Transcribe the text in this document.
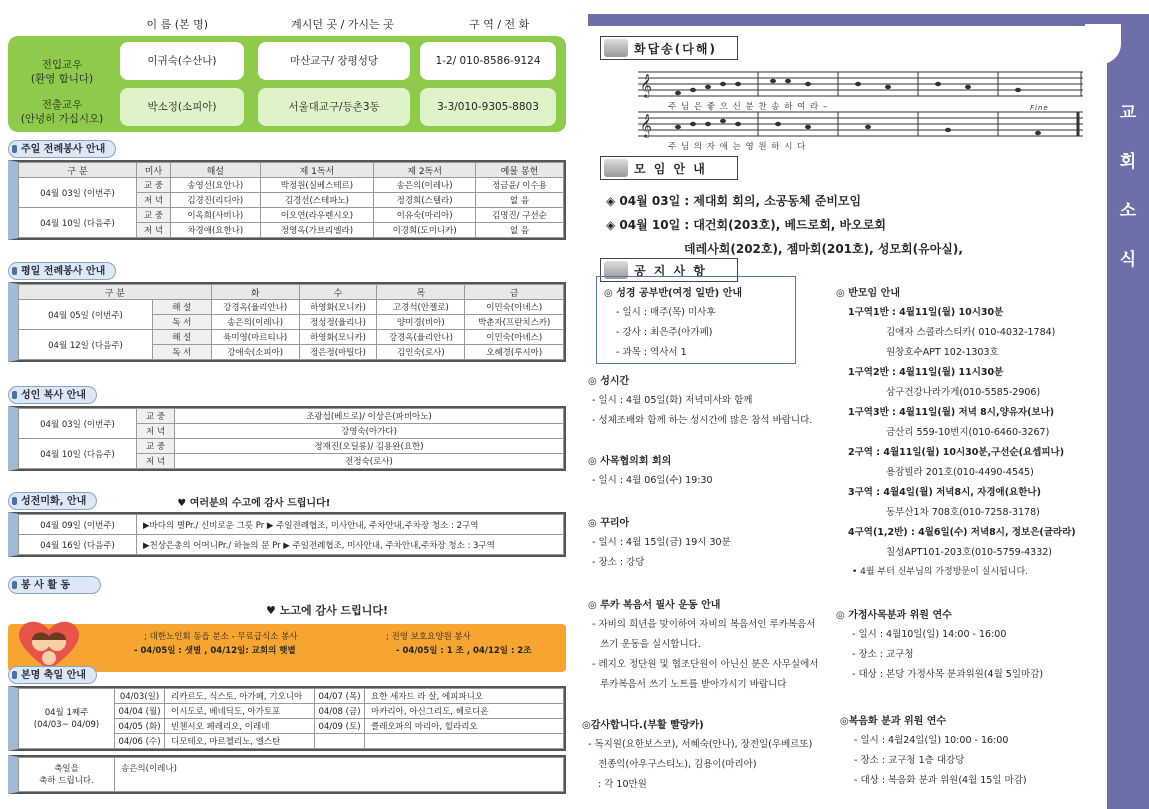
이 름 (본 명)	계시던 곳 / 가시는 곳	구 역 / 전 화
전입교우
(환영 합니다)
이귀숙(수산나)	마산교구/ 장평성당	1-2/ 010-8586-9124
전출교우
(안녕히 가십시오)
박소정(소피아)	서울대교구/등촌3동	3-3/010-9305-8803
주일 전례봉사 안내
구 분	미사	해설	제 1독서	제 2독서	예물 봉헌
04월 03일 (이번주)	교 중	송영선(요안나)	박정원(실베스테르)	송은의(이레나)	정금윤/ 이수용
	저 녁	김경진(리디아)	김경선(스테파노)	정경희(스텔라)	없 음
04월 10일 (다음주)	교 중	이옥희(사비나)	이오연(라우렌시오)	이유숙(마리아)	김명진/ 구선순
	저 녁	차경애(요한나)	정영옥(가브리엘라)	이경희(도미니카)	없 음
평일 전례봉사 안내
구 분		화	수	목	금
04월 05일 (이번주)	해 설	강경옥(율리안나)	하영화(모니카)	고경석(안젤로)	이민숙(아녜스)
	독 서	송은의(이레나)	정성정(율리나)	양미경(비아)	박춘자(프란치스카)
04월 12일 (다음주)	해 설	육미영(마르티나)	하영화(모니카)	강경옥(율리안나)	이민숙(아녜스)
	독 서	강애숙(소피아)	정은정(마틸다)	김인숙(로사)	오혜경(루시아)
성인 복사 안내
04월 03일 (이번주)	교 중	조광섭(베드로)/ 이상은(파비아노)
	저 녁	강영숙(아가다)
04월 10일 (다음주)	교 중	정재진(오딜롱)/ 김용완(요한)
	저 녁	전정숙(로사)
성전미화, 안내	♥ 여러분의 수고에 감사 드립니다!
04월 09일 (이번주)	▶바다의 별Pr./ 신비로운 그릇 Pr ▶ 주일전례협조, 미사안내, 주차안내,주차장 청소 : 2구역
04월 16일 (다음주)	▶천상은총의 어머니Pr./ 하늘의 문 Pr ▶ 주일전례협조, 미사안내, 주차안내,주차장 청소 : 3구역
봉 사 활 동
♥ 노고에 감사 드립니다!
; 대한노인회 동읍 분소 - 무료급식소 봉사
- 04/05일 : 샛별 , 04/12일: 교회의 햇볕
; 진영 보호요양원 봉사
- 04/05일 : 1 조 , 04/12일 : 2조
본명 축일 안내
04월 1째주
(04/03~ 04/09)	04/03(일)	리카르도, 식스토, 아가페, 기오니아	04/07 (목)	요한 세자드 라 살, 에피파니오
	04/04 (월)	이시도로, 베네딕도, 아가토포	04/08 (금)	마카리아, 아신그리도, 헤로디온
	04/05 (화)	빈첸시오 페레리오, 이레네	04/09 (토)	클레오파의 마리아, 힐라리오
	04/06 (수)	디모테오, 마르첼리노, 엘스탄		
축일을
축하 드립니다.	송은의(이레나)
교
회
소
식
화답송(다해)
𝄞
주 님 은 좋 으 신 분 찬 송 하 여 라 –
𝄞
Fine
주 님 의 자 애 는 영 원 하 시 다
모 임 안 내
◈ 04월 03일 : 제대회 회의, 소공동체 준비모임
◈ 04월 10일 : 대건회(203호), 베드로회, 바오로회
데레사회(202호), 젬마회(201호), 성모회(유아실),
공 지 사 항
◎ 성경 공부반(여정 일반) 안내
- 일시 : 매주(목) 미사후
- 강사 : 최은주(아가페)
- 과목 : 역사서 1
◎ 성시간
- 일시 : 4월 05일(화) 저녁미사와 함께
- 성체조배와 함께 하는 성시간에 많은 참석 바랍니다.
◎ 사목협의회 회의
- 일시 : 4월 06일(수) 19:30
◎ 꾸리아
- 일시 : 4월 15일(금) 19시 30분
- 장소 : 강당
◎ 루카 복음서 필사 운동 안내
- 자비의 희년을 맞이하여 자비의 복음서인 루카복음서
쓰기 운동을 실시합니다.
- 레지오 정단원 및 협조단원이 아닌신 분은 사무실에서
루카복음서 쓰기 노트를 받아가시기 바랍니다
◎감사합니다.(부활 빨랑카)
- 독지원(요한보스코), 서혜숙(안나), 장전일(우베르또)
전종익(아우구스티노), 김용이(마리아)
: 각 10만원
◎ 반모임 안내
1구역1반 : 4월11일(월) 10시30분
김애자 스콜라스티카( 010-4032-1784)
원창호수APT 102-1303호
1구역2반 : 4월11일(월) 11시30분
삼구건강나라가게(010-5585-2906)
1구역3반 : 4월11일(월) 저녁 8시,양유자(보나)
금산리 559-10번지(010-6460-3267)
2구역 : 4월11일(월) 10시30분,구선순(요셉피나)
용잠빌라 201호(010-4490-4545)
3구역 : 4월4일(월) 저녁8시, 자경애(요한나)
동부산1차 708호(010-7258-3178)
4구역(1,2반) : 4월6일(수) 저녁8시, 정보은(글라라)
칠성APT101-203호(010-5759-4332)
• 4월 부터 신부님의 가정방문이 실시됩니다.
◎ 가정사목분과 위원 연수
- 일시 : 4월10일(일) 14:00 - 16:00
- 장소 : 교구청
- 대상 : 본당 가정사목 분과위원(4월 5일마감)
◎복음화 분과 위원 연수
- 일시 : 4월24일(일) 10:00 - 16:00
- 장소 : 교구청 1층 대강당
- 대상 : 복음화 분과 위원(4월 15일 마감)
